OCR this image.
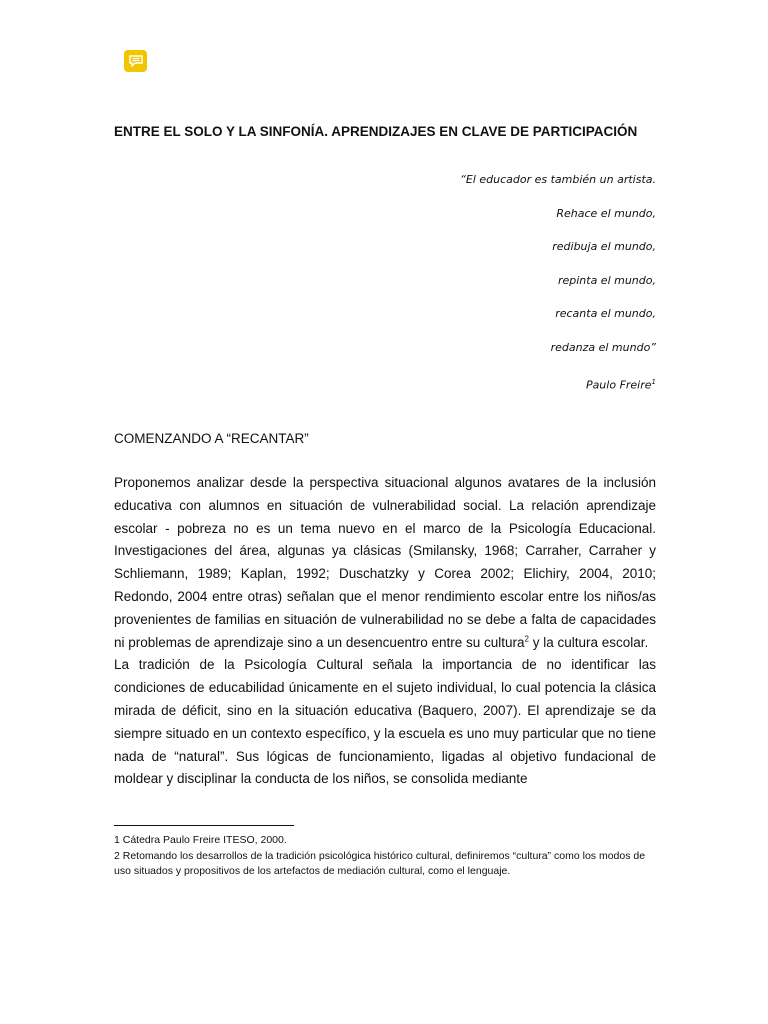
ENTRE EL SOLO Y LA SINFONÍA. APRENDIZAJES EN CLAVE DE PARTICIPACIÓN
“El educador es también un artista.
Rehace el mundo,
redibuja el mundo,
repinta el mundo,
recanta el mundo,
redanza el mundo”
Paulo Freire$^1$
COMENZANDO A “RECANTAR”

Proponemos analizar desde la perspectiva situacional algunos avatares de la inclusión educativa con alumnos en situación de vulnerabilidad social. La relación aprendizaje escolar - pobreza no es un tema nuevo en el marco de la Psicología Educacional. Investigaciones del área, algunas ya clásicas (Smilansky, 1968; Carraher, Carraher y Schliemann, 1989; Kaplan, 1992; Duschatzky y Corea 2002; Elichiry, 2004, 2010; Redondo, 2004 entre otras) señalan que el menor rendimiento escolar entre los niños/as provenientes de familias en situación de vulnerabilidad no se debe a falta de capacidades ni problemas de aprendizaje sino a un desencuentro entre su cultura$^2$ y la cultura escolar.

La tradición de la Psicología Cultural señala la importancia de no identificar las condiciones de educabilidad únicamente en el sujeto individual, lo cual potencia la clásica mirada de déficit, sino en la situación educativa (Baquero, 2007). El aprendizaje se da siempre situado en un contexto específico, y la escuela es uno muy particular que no tiene nada de “natural”. Sus lógicas de funcionamiento, ligadas al objetivo fundacional de moldear y disciplinar la conducta de los niños, se consolida mediante

1 Cátedra Paulo Freire ITESO, 2000.

2 Retomando los desarrollos de la tradición psicológica histórico cultural, definiremos “cultura” como los modos de uso situados y propositivos de los artefactos de mediación cultural, como el lenguaje.
